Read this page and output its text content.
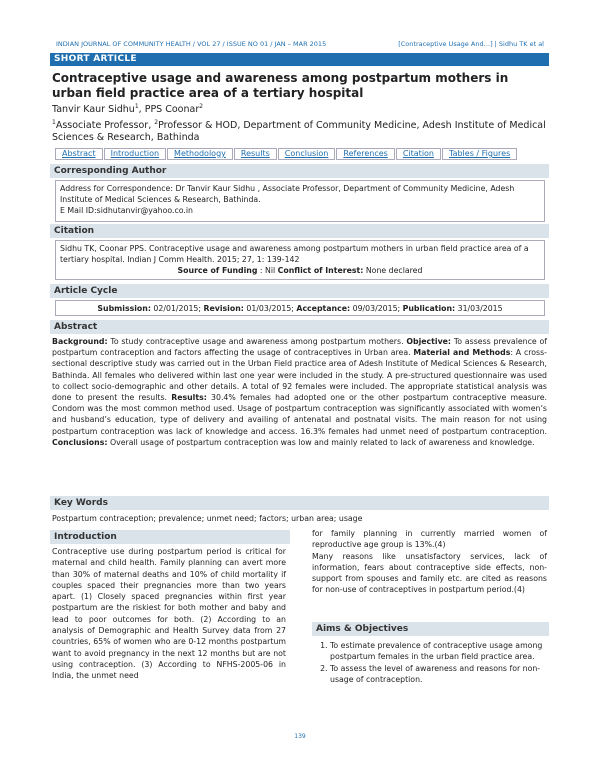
INDIAN JOURNAL OF COMMUNITY HEALTH / VOL 27 / ISSUE NO 01 / JAN – MAR 2015	[Contraceptive Usage And…] | Sidhu TK et al
SHORT ARTICLE
Contraceptive usage and awareness among postpartum mothers in urban field practice area of a tertiary hospital
Tanvir Kaur Sidhu$^1$, PPS Coonar$^2$
$^1$Associate Professor, $^2$Professor & HOD, Department of Community Medicine, Adesh Institute of Medical Sciences & Research, Bathinda
Abstract	Introduction	Methodology	Results	Conclusion	References	Citation	Tables / Figures
Corresponding Author
Address for Correspondence: Dr Tanvir Kaur Sidhu , Associate Professor, Department of Community Medicine, Adesh Institute of Medical Sciences & Research, Bathinda.
E Mail ID:sidhutanvir@yahoo.co.in
Citation
Sidhu TK, Coonar PPS. Contraceptive usage and awareness among postpartum mothers in urban field practice area of a tertiary hospital. Indian J Comm Health. 2015; 27, 1: 139-142
Source of Funding : Nil Conflict of Interest: None declared
Article Cycle
Submission: 02/01/2015; Revision: 01/03/2015; Acceptance: 09/03/2015; Publication: 31/03/2015
Abstract
Background: To study contraceptive usage and awareness among postpartum mothers. Objective: To assess prevalence of postpartum contraception and factors affecting the usage of contraceptives in Urban area. Material and Methods: A cross-sectional descriptive study was carried out in the Urban Field practice area of Adesh Institute of Medical Sciences & Research, Bathinda. All females who delivered within last one year were included in the study. A pre-structured questionnaire was used to collect socio-demographic and other details. A total of 92 females were included. The appropriate statistical analysis was done to present the results. Results: 30.4% females had adopted one or the other postpartum contraceptive measure. Condom was the most common method used. Usage of postpartum contraception was significantly associated with women’s and husband’s education, type of delivery and availing of antenatal and postnatal visits. The main reason for not using postpartum contraception was lack of knowledge and access. 16.3% females had unmet need of postpartum contraception. Conclusions: Overall usage of postpartum contraception was low and mainly related to lack of awareness and knowledge.
Key Words
Postpartum contraception; prevalence; unmet need; factors; urban area; usage
Introduction
Contraceptive use during postpartum period is critical for maternal and child health. Family planning can avert more than 30% of maternal deaths and 10% of child mortality if couples spaced their pregnancies more than two years apart. (1) Closely spaced pregnancies within first year postpartum are the riskiest for both mother and baby and lead to poor outcomes for both. (2) According to an analysis of Demographic and Health Survey data from 27 countries, 65% of women who are 0-12 months postpartum want to avoid pregnancy in the next 12 months but are not using contraception. (3) According to NFHS-2005-06 in India, the unmet need
for family planning in currently married women of reproductive age group is 13%.(4)
Many reasons like unsatisfactory services, lack of information, fears about contraceptive side effects, non-support from spouses and family etc. are cited as reasons for non-use of contraceptives in postpartum period.(4)
Aims & Objectives
1. To estimate prevalence of contraceptive usage among postpartum females in the urban field practice area.
2. To assess the level of awareness and reasons for non-usage of contraception.
139
